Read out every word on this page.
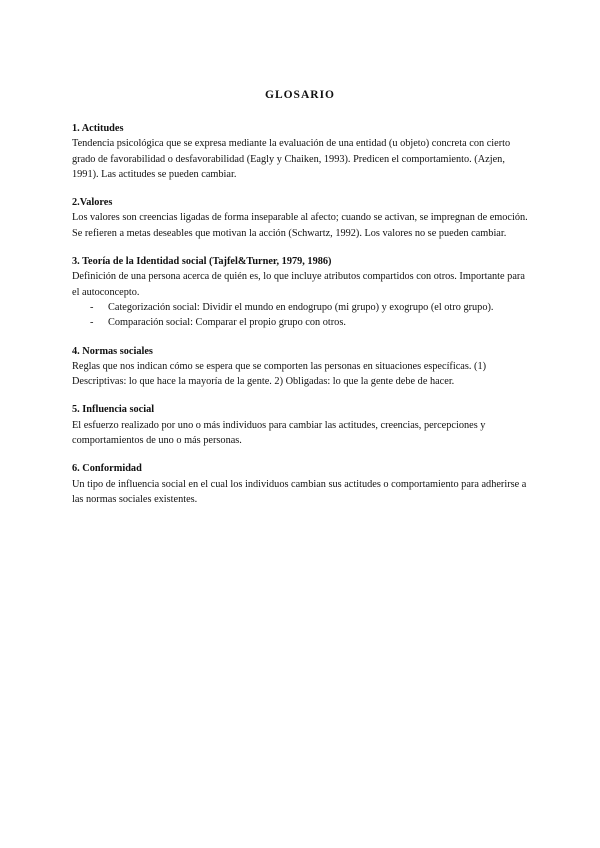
GLOSARIO

1. Actitudes

Tendencia psicológica que se expresa mediante la evaluación de una entidad (u objeto) concreta con cierto grado de favorabilidad o desfavorabilidad (Eagly y Chaiken, 1993). Predicen el comportamiento. (Azjen, 1991). Las actitudes se pueden cambiar.

2.Valores

Los valores son creencias ligadas de forma inseparable al afecto; cuando se activan, se impregnan de emoción. Se refieren a metas deseables que motivan la acción (Schwartz, 1992). Los valores no se pueden cambiar.

3. Teoría de la Identidad social (Tajfel&Turner, 1979, 1986)

Definición de una persona acerca de quién es, lo que incluye atributos compartidos con otros. Importante para el autoconcepto.

- Categorización social: Dividir el mundo en endogrupo (mi grupo) y exogrupo (el otro grupo).
- Comparación social: Comparar el propio grupo con otros.

4. Normas sociales

Reglas que nos indican cómo se espera que se comporten las personas en situaciones específicas. (1) Descriptivas: lo que hace la mayoría de la gente. 2) Obligadas: lo que la gente debe de hacer.

5. Influencia social

El esfuerzo realizado por uno o más individuos para cambiar las actitudes, creencias, percepciones y comportamientos de uno o más personas.

6. Conformidad

Un tipo de influencia social en el cual los individuos cambian sus actitudes o comportamiento para adherirse a las normas sociales existentes.
